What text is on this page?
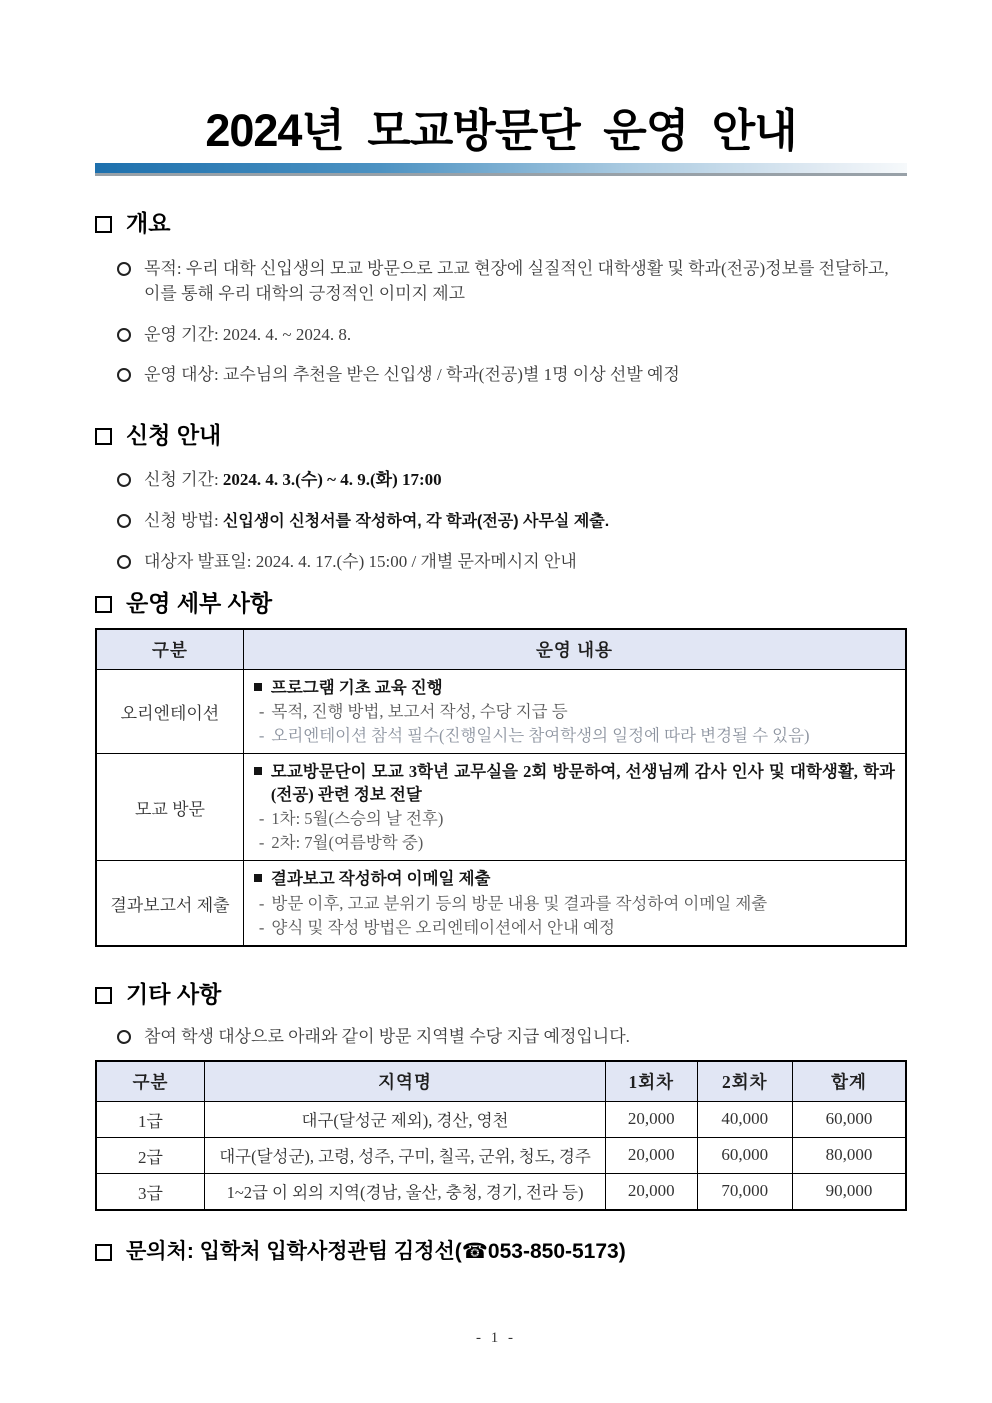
2024년 모교방문단 운영 안내
개요
목적: 우리 대학 신입생의 모교 방문으로 고교 현장에 실질적인 대학생활 및 학과(전공)정보를 전달하고, 이를 통해 우리 대학의 긍정적인 이미지 제고
운영 기간: 2024. 4. ~ 2024. 8.
운영 대상: 교수님의 추천을 받은 신입생 / 학과(전공)별 1명 이상 선발 예정
신청 안내
신청 기간: 2024. 4. 3.(수) ~ 4. 9.(화) 17:00
신청 방법: 신입생이 신청서를 작성하여, 각 학과(전공) 사무실 제출.
대상자 발표일: 2024. 4. 17.(수) 15:00 / 개별 문자메시지 안내
운영 세부 사항
구분	운영 내용
오리엔테이션	프로그램 기초 교육 진행
- 목적, 진행 방법, 보고서 작성, 수당 지급 등
- 오리엔테이션 참석 필수(진행일시는 참여학생의 일정에 따라 변경될 수 있음)

모교 방문	모교방문단이 모교 3학년 교무실을 2회 방문하여, 선생님께 감사 인사 및 대학생활, 학과(전공) 관련 정보 전달
- 1차: 5월(스승의 날 전후)
- 2차: 7월(여름방학 중)

결과보고서 제출	결과보고 작성하여 이메일 제출
- 방문 이후, 고교 분위기 등의 방문 내용 및 결과를 작성하여 이메일 제출
- 양식 및 작성 방법은 오리엔테이션에서 안내 예정
기타 사항
참여 학생 대상으로 아래와 같이 방문 지역별 수당 지급 예정입니다.
구분	지역명	1회차	2회차	합계
1급	대구(달성군 제외), 경산, 영천	20,000	40,000	60,000
2급	대구(달성군), 고령, 성주, 구미, 칠곡, 군위, 청도, 경주	20,000	60,000	80,000
3급	1~2급 이 외의 지역(경남, 울산, 충청, 경기, 전라 등)	20,000	70,000	90,000
문의처: 입학처 입학사정관팀 김정선(☎053-850-5173)
- 1 -
